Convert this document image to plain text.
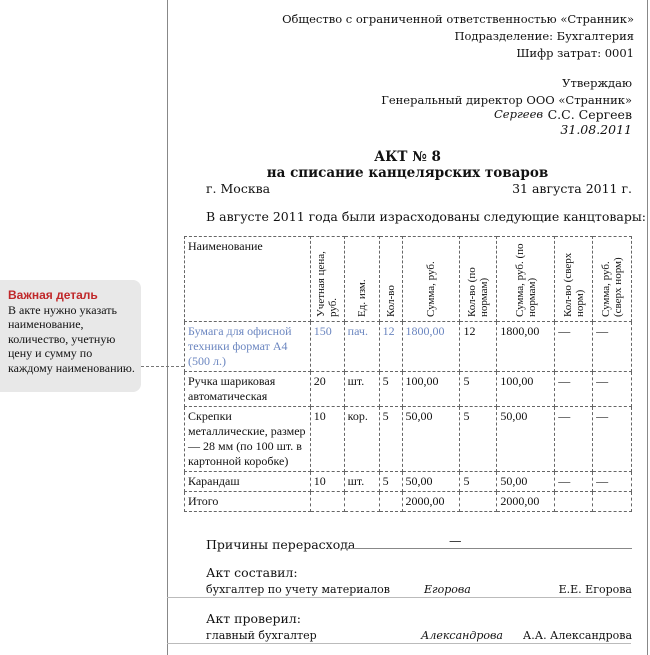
Общество с ограниченной ответственностью «Странник»
Подразделение: Бухгалтерия
Шифр затрат: 0001
Утверждаю
Генеральный директор ООО «Странник»
Сергеев С.С. Сергеев
31.08.2011
АКТ № 8
на списание канцелярских товаров
г. Москва	31 августа 2011 г.
В августе 2011 года были израсходованы следующие канцтовары:
Наименование	Учетная цена, руб.	Ед. изм.	Кол-во	Сумма, руб.	Кол-во (по нормам)	Сумма, руб. (по нормам)	Кол-во (сверх норм)	Сумма, руб. (сверх норм)

Бумага для офисной техники формат А4 (500 л.)	150	пач.	12	1800,00	12	1800,00	—	—
Ручка шариковая автоматическая	20	шт.	5	100,00	5	100,00	—	—
Скрепки металлические, размер — 28 мм (по 100 шт. в картонной коробке)	10	кор.	5	50,00	5	50,00	—	—
Карандаш	10	шт.	5	50,00	5	50,00	—	—
Итого				2000,00		2000,00		
Причины перерасхода	—
Акт составил:
бухгалтер по учету материалов	Егорова	Е.Е. Егорова
Акт проверил:
главный бухгалтер	Александрова А.А. Александрова
Важная деталь
В акте нужно указать наименование, количество, учетную цену и сумму по каждому наименованию.
